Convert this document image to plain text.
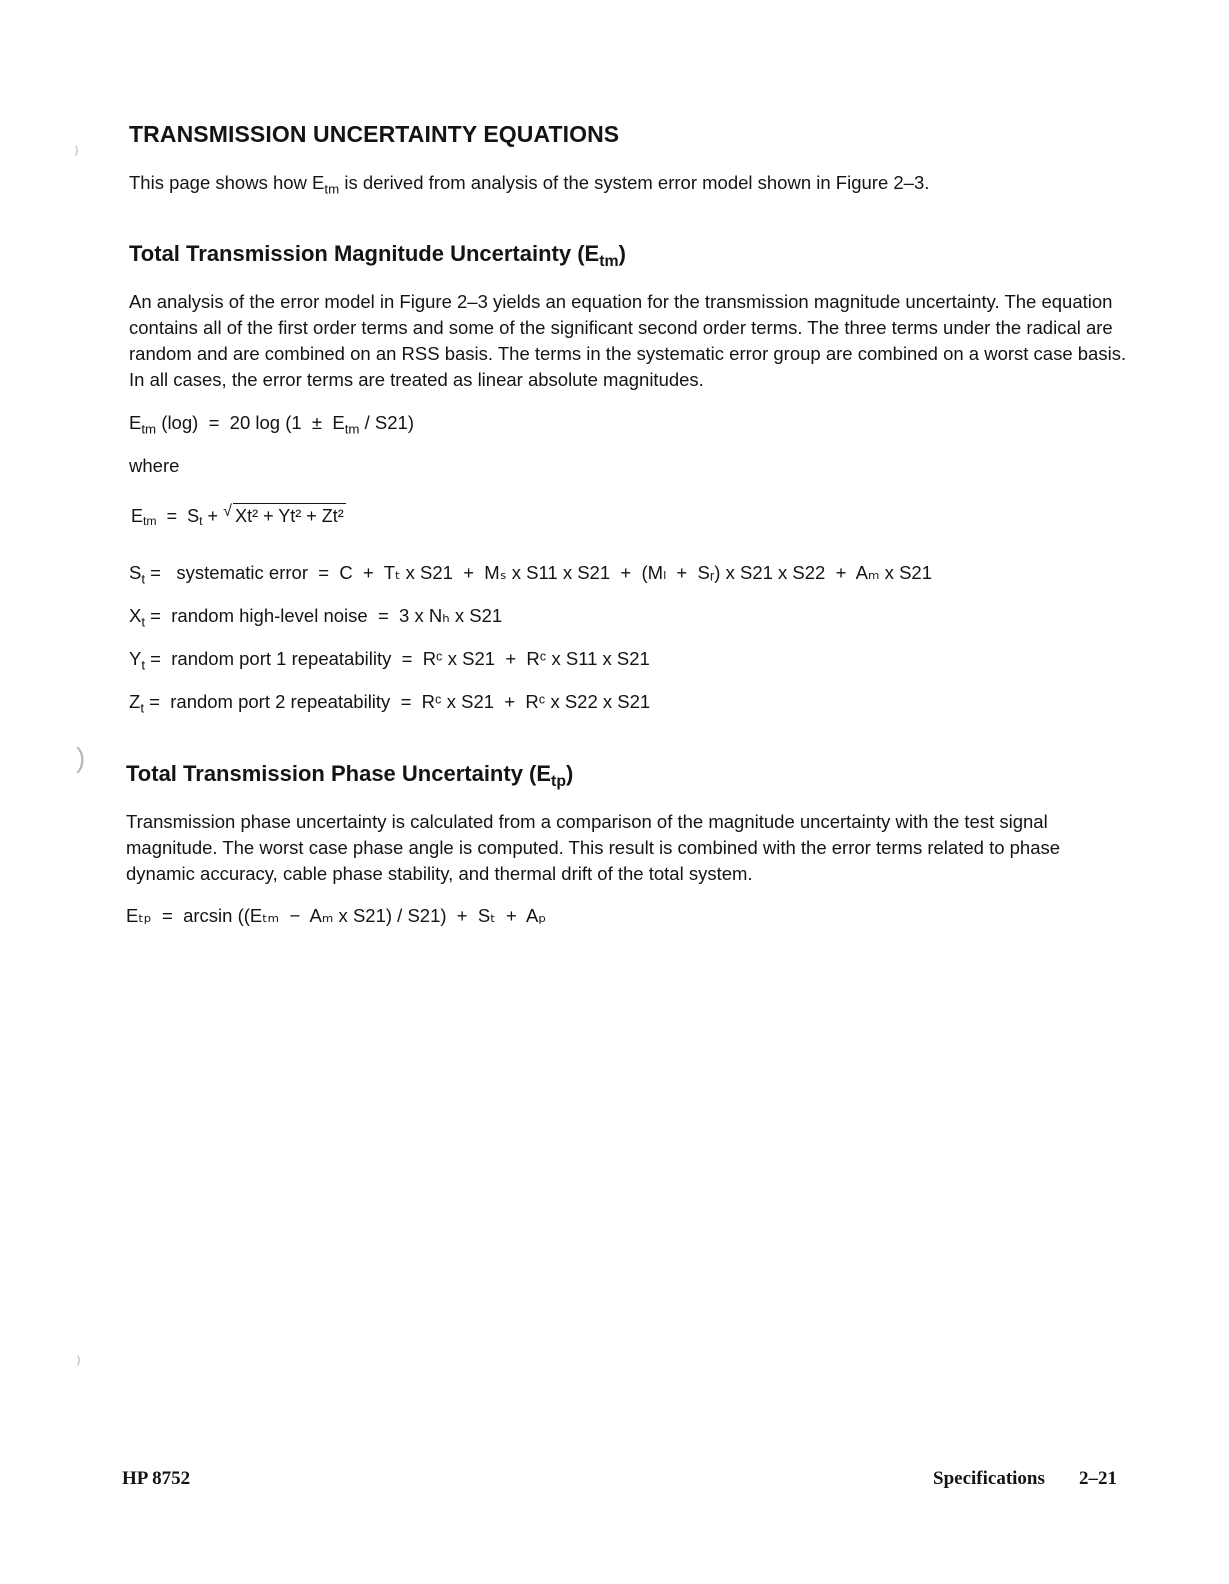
⁾
)
⁾
TRANSMISSION UNCERTAINTY EQUATIONS
This page shows how $E_{tm}$ is derived from analysis of the system error model shown in Figure 2–3.
Total Transmission Magnitude Uncertainty $(E_{tm})$
An analysis of the error model in Figure 2–3 yields an equation for the transmission magnitude uncertainty. The equation contains all of the first order terms and some of the significant second order terms. The three terms under the radical are random and are combined on an RSS basis. The terms in the systematic error group are combined on a worst case basis. In all cases, the error terms are treated as linear absolute magnitudes.
$E_{tm}$ (log)  =  20 $\log (1 \pm E_{tm} / S21)$
where
Etm  =  St + √ Xt² + Yt² + Zt²
$S_t$ =   systematic error  =  C  +  Tₜ x S21  +  Mₛ x S11 x S21  +  (Mₗ  +  Sᵣ) x S21 x S22  +  Aₘ x S21
$X_t$ =  random high-level noise  =  3 x Nₕ x S21
$Y_t$ =  random port 1 repeatability  =  Rᶜ x S21  +  Rᶜ x S11 x S21
$Z_t$ =  random port 2 repeatability  =  Rᶜ x S21  +  Rᶜ x S22 x S21
Total Transmission Phase Uncertainty $(E_{tp})$
Transmission phase uncertainty is calculated from a comparison of the magnitude uncertainty with the test signal magnitude. The worst case phase angle is computed. This result is combined with the error terms related to phase dynamic accuracy, cable phase stability, and thermal drift of the total system.
Eₜₚ  =  arcsin ((Eₜₘ  −  Aₘ x S21) / S21)  +  Sₜ  +  Aₚ
HP 8752	Specifications 2–21
